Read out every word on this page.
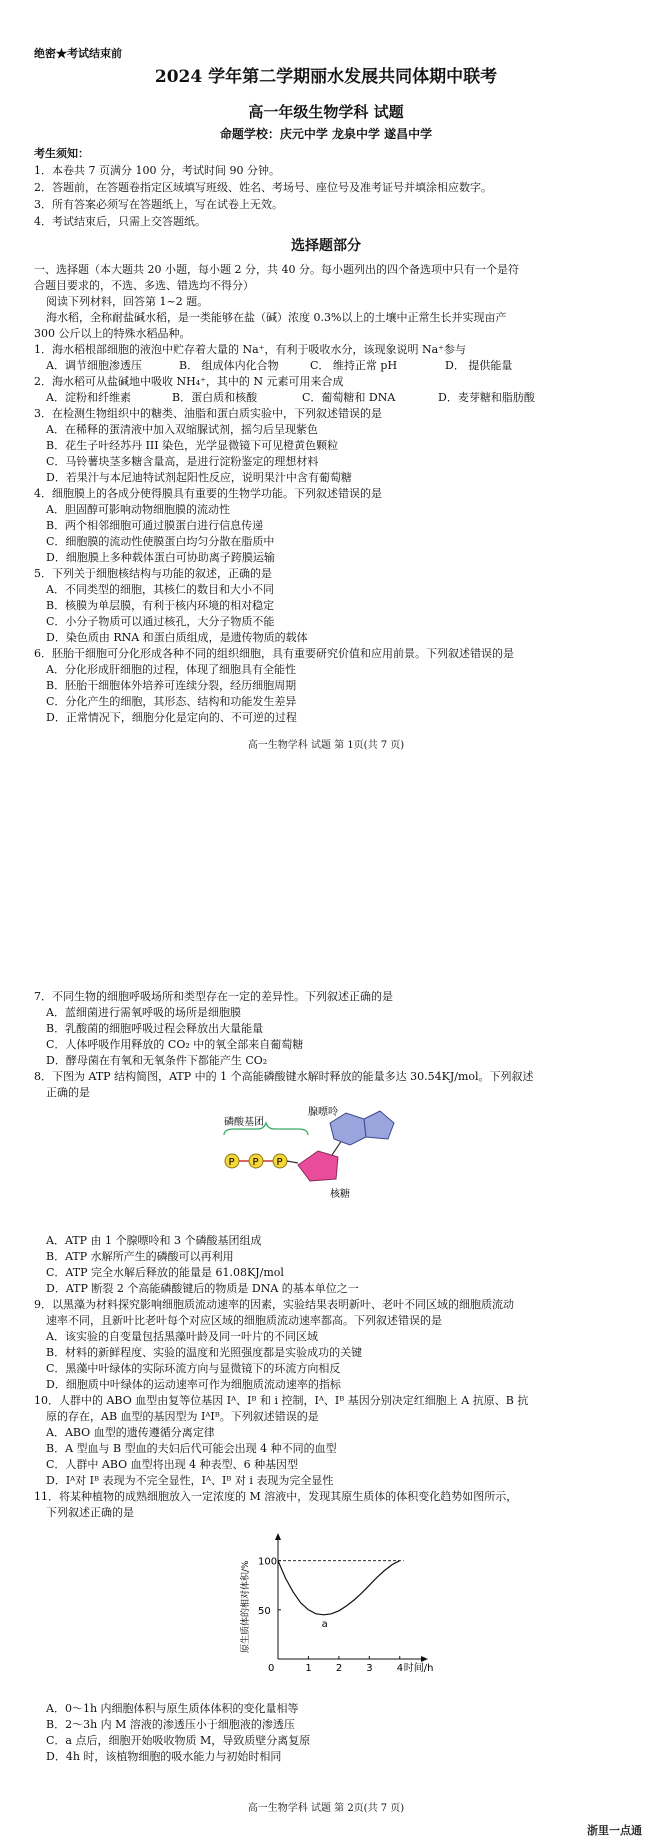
绝密★考试结束前
2024 学年第二学期丽水发展共同体期中联考
高一年级生物学科 试题
命题学校：庆元中学 龙泉中学 遂昌中学
考生须知：
1．本卷共 7 页满分 100 分，考试时间 90 分钟。
2．答题前，在答题卷指定区域填写班级、姓名、考场号、座位号及准考证号并填涂相应数字。
3．所有答案必须写在答题纸上，写在试卷上无效。
4．考试结束后，只需上交答题纸。
选择题部分
一、选择题（本大题共 20 小题，每小题 2 分，共 40 分。每小题列出的四个备选项中只有一个是符
合题目要求的，不选、多选、错选均不得分）
阅读下列材料，回答第 1~2 题。
海水稻，全称耐盐碱水稻，是一类能够在盐（碱）浓度 0.3%以上的土壤中正常生长并实现亩产
300 公斤以上的特殊水稻品种。
1．海水稻根部细胞的液泡中贮存着大量的 Na⁺，有利于吸收水分，该现象说明 Na⁺参与
A．调节细胞渗透压	B． 组成体内化合物	C． 维持正常 pH	D． 提供能量
2．海水稻可从盐碱地中吸收 NH₄⁺，其中的 N 元素可用来合成
A．淀粉和纤维素	B．蛋白质和核酸	C．葡萄糖和 DNA	D．麦芽糖和脂肪酸
3．在检测生物组织中的糖类、油脂和蛋白质实验中，下列叙述错误的是
A．在稀释的蛋清液中加入双缩脲试剂，摇匀后呈现紫色
B．花生子叶经苏丹 III 染色，光学显微镜下可见橙黄色颗粒
C．马铃薯块茎多糖含量高，是进行淀粉鉴定的理想材料
D．若果汁与本尼迪特试剂起阳性反应，说明果汁中含有葡萄糖
4．细胞膜上的各成分使得膜具有重要的生物学功能。下列叙述错误的是
A．胆固醇可影响动物细胞膜的流动性
B．两个相邻细胞可通过膜蛋白进行信息传递
C．细胞膜的流动性使膜蛋白均匀分散在脂质中
D．细胞膜上多种载体蛋白可协助离子跨膜运输
5．下列关于细胞核结构与功能的叙述，正确的是
A．不同类型的细胞，其核仁的数目和大小不同
B．核膜为单层膜，有利于核内环境的相对稳定
C．小分子物质可以通过核孔，大分子物质不能
D．染色质由 RNA 和蛋白质组成，是遗传物质的载体
6．胚胎干细胞可分化形成各种不同的组织细胞，具有重要研究价值和应用前景。下列叙述错误的是
A．分化形成肝细胞的过程，体现了细胞具有全能性
B．胚胎干细胞体外培养可连续分裂，经历细胞周期
C．分化产生的细胞，其形态、结构和功能发生差异
D．正常情况下，细胞分化是定向的、不可逆的过程
高一生物学科 试题 第 1页(共 7 页)
7．不同生物的细胞呼吸场所和类型存在一定的差异性。下列叙述正确的是
A．蓝细菌进行需氧呼吸的场所是细胞膜
B．乳酸菌的细胞呼吸过程会释放出大量能量
C．人体呼吸作用释放的 CO₂ 中的氧全部来自葡萄糖
D．酵母菌在有氧和无氧条件下都能产生 CO₂
8．下图为 ATP 结构简图，ATP 中的 1 个高能磷酸键水解时释放的能量多达 30.54KJ/mol。下列叙述
正确的是
磷酸基团
P P P
腺嘌呤
核糖
A．ATP 由 1 个腺嘌呤和 3 个磷酸基团组成
B．ATP 水解所产生的磷酸可以再利用
C．ATP 完全水解后释放的能量是 61.08KJ/mol
D．ATP 断裂 2 个高能磷酸键后的物质是 DNA 的基本单位之一
9．以黑藻为材料探究影响细胞质流动速率的因素，实验结果表明新叶、老叶不同区域的细胞质流动
速率不同，且新叶比老叶每个对应区域的细胞质流动速率都高。下列叙述错误的是
A．该实验的自变量包括黑藻叶龄及同一叶片的不同区域
B．材料的新鲜程度、实验的温度和光照强度都是实验成功的关键
C．黑藻中叶绿体的实际环流方向与显微镜下的环流方向相反
D．细胞质中叶绿体的运动速率可作为细胞质流动速率的指标
10．人群中的 ABO 血型由复等位基因 Iᴬ、Iᴮ 和 i 控制，Iᴬ、Iᴮ 基因分别决定红细胞上 A 抗原、B 抗
原的存在，AB 血型的基因型为 IᴬIᴮ。下列叙述错误的是
A．ABO 血型的遗传遵循分离定律
B．A 型血与 B 型血的夫妇后代可能会出现 4 种不同的血型
C．人群中 ABO 血型将出现 4 种表型、6 种基因型
D．Iᴬ对 Iᴮ 表现为不完全显性，Iᴬ、Iᴮ 对 i 表现为完全显性
11．将某种植物的成熟细胞放入一定浓度的 M 溶液中，发现其原生质体的体积变化趋势如图所示，
下列叙述正确的是
0	1 2 3 4
50
100
时间/h
原生质体的相对体积/%	a
A．0～1h 内细胞体积与原生质体体积的变化量相等
B．2～3h 内 M 溶液的渗透压小于细胞液的渗透压
C．a 点后，细胞开始吸收物质 M，导致质壁分离复原
D．4h 时，该植物细胞的吸水能力与初始时相同
高一生物学科 试题 第 2页(共 7 页)
浙里一点通
